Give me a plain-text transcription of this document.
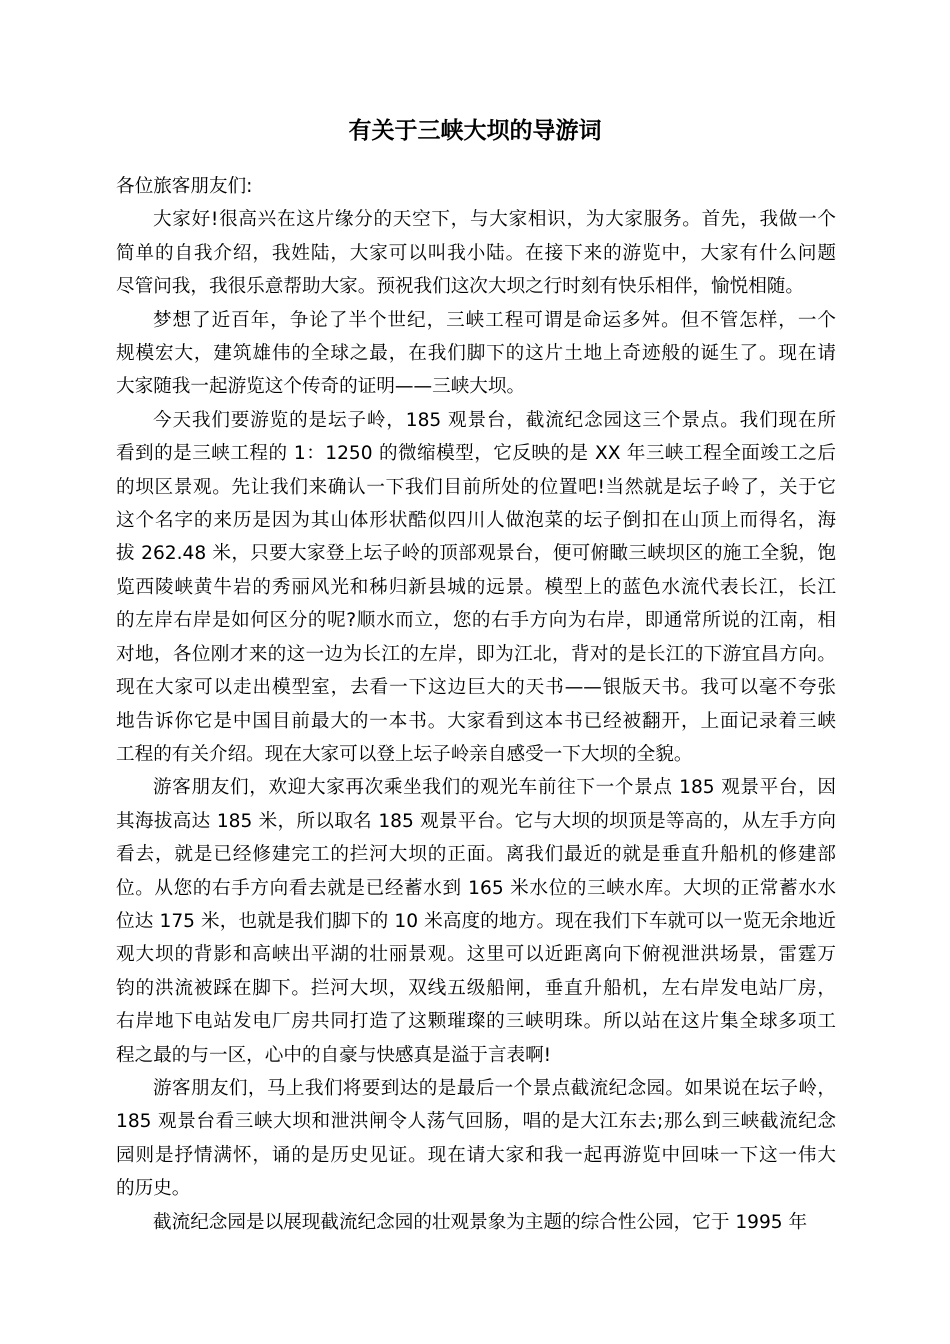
有关于三峡大坝的导游词

各位旅客朋友们:

大家好!很高兴在这片缘分的天空下，与大家相识，为大家服务。首先，我做一个
简单的自我介绍，我姓陆，大家可以叫我小陆。在接下来的游览中，大家有什么问题
尽管问我，我很乐意帮助大家。预祝我们这次大坝之行时刻有快乐相伴，愉悦相随。

梦想了近百年，争论了半个世纪，三峡工程可谓是命运多舛。但不管怎样，一个
规模宏大，建筑雄伟的全球之最，在我们脚下的这片土地上奇迹般的诞生了。现在请
大家随我一起游览这个传奇的证明——三峡大坝。

今天我们要游览的是坛子岭，185 观景台，截流纪念园这三个景点。我们现在所
看到的是三峡工程的 1：1250 的微缩模型，它反映的是 XX 年三峡工程全面竣工之后
的坝区景观。先让我们来确认一下我们目前所处的位置吧!当然就是坛子岭了，关于它
这个名字的来历是因为其山体形状酷似四川人做泡菜的坛子倒扣在山顶上而得名，海
拔 262.48 米，只要大家登上坛子岭的顶部观景台，便可俯瞰三峡坝区的施工全貌，饱
览西陵峡黄牛岩的秀丽风光和秭归新县城的远景。模型上的蓝色水流代表长江，长江
的左岸右岸是如何区分的呢?顺水而立，您的右手方向为右岸，即通常所说的江南，相
对地，各位刚才来的这一边为长江的左岸，即为江北，背对的是长江的下游宜昌方向。
现在大家可以走出模型室，去看一下这边巨大的天书——银版天书。我可以毫不夸张
地告诉你它是中国目前最大的一本书。大家看到这本书已经被翻开，上面记录着三峡
工程的有关介绍。现在大家可以登上坛子岭亲自感受一下大坝的全貌。

游客朋友们，欢迎大家再次乘坐我们的观光车前往下一个景点 185 观景平台，因
其海拔高达 185 米，所以取名 185 观景平台。它与大坝的坝顶是等高的，从左手方向
看去，就是已经修建完工的拦河大坝的正面。离我们最近的就是垂直升船机的修建部
位。从您的右手方向看去就是已经蓄水到 165 米水位的三峡水库。大坝的正常蓄水水
位达 175 米，也就是我们脚下的 10 米高度的地方。现在我们下车就可以一览无余地近
观大坝的背影和高峡出平湖的壮丽景观。这里可以近距离向下俯视泄洪场景，雷霆万
钧的洪流被踩在脚下。拦河大坝，双线五级船闸，垂直升船机，左右岸发电站厂房，
右岸地下电站发电厂房共同打造了这颗璀璨的三峡明珠。所以站在这片集全球多项工
程之最的与一区，心中的自豪与快感真是溢于言表啊!

游客朋友们，马上我们将要到达的是最后一个景点截流纪念园。如果说在坛子岭，
185 观景台看三峡大坝和泄洪闸令人荡气回肠，唱的是大江东去;那么到三峡截流纪念
园则是抒情满怀，诵的是历史见证。现在请大家和我一起再游览中回味一下这一伟大
的历史。

截流纪念园是以展现截流纪念园的壮观景象为主题的综合性公园，它于 1995 年
